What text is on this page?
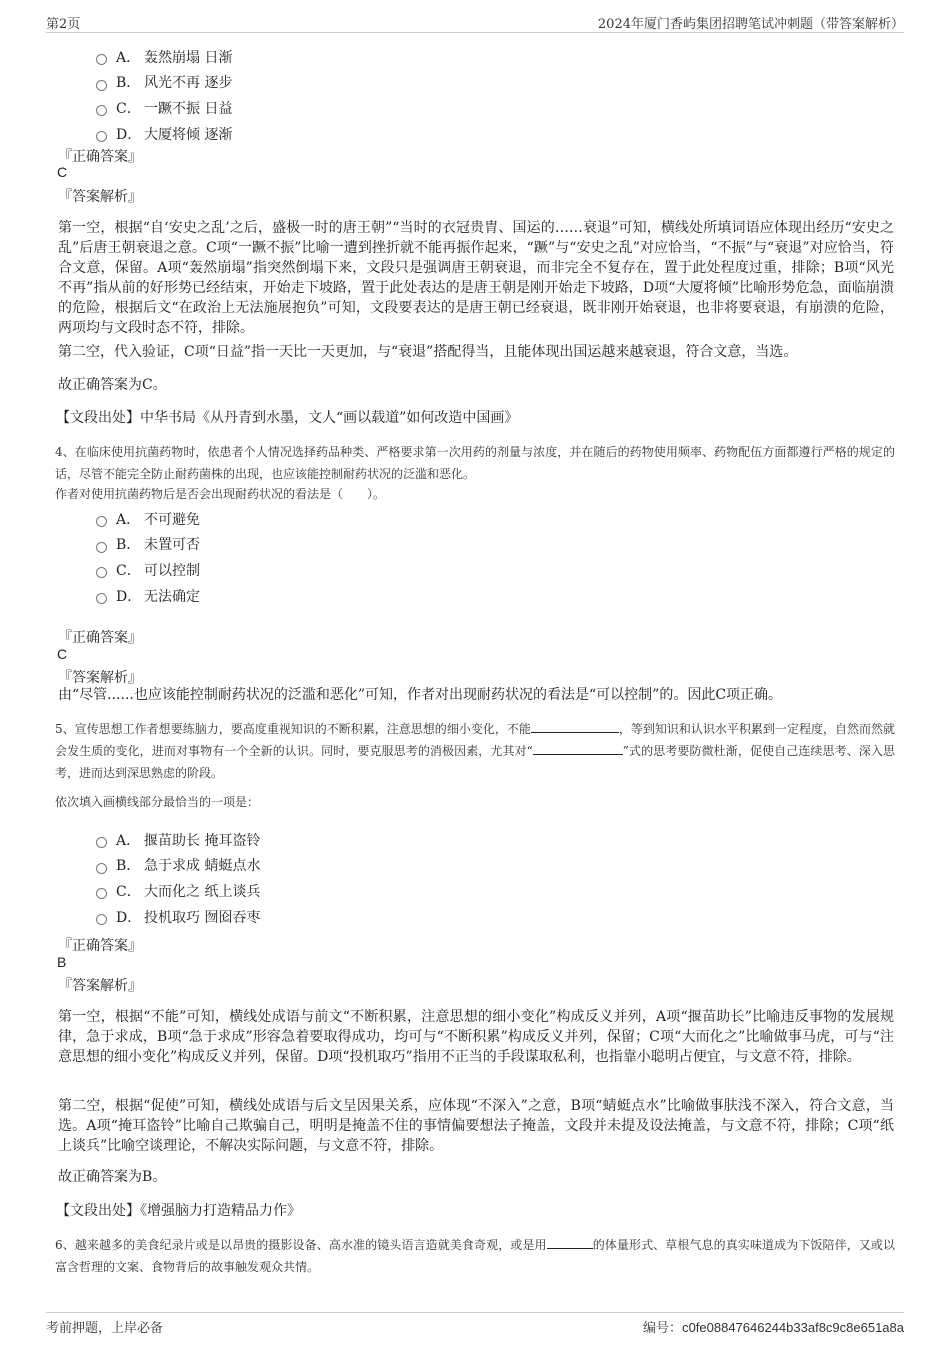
第2页	2024年厦门香屿集团招聘笔试冲刺题（带答案解析）
A． 轰然崩塌 日渐
B． 风光不再 逐步
C． 一蹶不振 日益
D． 大厦将倾 逐渐
『正确答案』
C
『答案解析』
第一空，根据“自‘安史之乱’之后，盛极一时的唐王朝”“当时的衣冠贵胄、国运的……衰退”可知，横线处所填词语应体现出经历“安史之乱”后唐王朝衰退之意。C项“一蹶不振”比喻一遭到挫折就不能再振作起来，“蹶”与“安史之乱”对应恰当，“不振”与“衰退”对应恰当，符合文意，保留。A项“轰然崩塌”指突然倒塌下来，文段只是强调唐王朝衰退，而非完全不复存在，置于此处程度过重，排除；B项“风光不再”指从前的好形势已经结束，开始走下坡路，置于此处表达的是唐王朝是刚开始走下坡路，D项“大厦将倾”比喻形势危急，面临崩溃的危险，根据后文“在政治上无法施展抱负”可知，文段要表达的是唐王朝已经衰退，既非刚开始衰退，也非将要衰退，有崩溃的危险，两项均与文段时态不符，排除。
第二空，代入验证，C项“日益”指一天比一天更加，与“衰退”搭配得当，且能体现出国运越来越衰退，符合文意，当选。
故正确答案为C。
【文段出处】中华书局《从丹青到水墨，文人“画以载道”如何改造中国画》
4、在临床使用抗菌药物时，依患者个人情况选择药品种类、严格要求第一次用药的剂量与浓度，并在随后的药物使用频率、药物配伍方面都遵行严格的规定的话，尽管不能完全防止耐药菌株的出现，也应该能控制耐药状况的泛滥和恶化。
作者对使用抗菌药物后是否会出现耐药状况的看法是（　　）。
A． 不可避免
B． 未置可否
C． 可以控制
D． 无法确定
『正确答案』
C
『答案解析』
由“尽管......也应该能控制耐药状况的泛滥和恶化”可知，作者对出现耐药状况的看法是“可以控制”的。因此C项正确。
5、宣传思想工作者想要练脑力，要高度重视知识的不断积累，注意思想的细小变化，不能	，等到知识和认识水平积累到一定程度，自然而然就会发生质的变化，进而对事物有一个全新的认识。同时，要克服思考的消极因素，尤其对“	”式的思考要防微杜渐，促使自己连续思考、深入思考，进而达到深思熟虑的阶段。
依次填入画横线部分最恰当的一项是：
A． 揠苗助长 掩耳盗铃
B． 急于求成 蜻蜓点水
C． 大而化之 纸上谈兵
D． 投机取巧 囫囵吞枣
『正确答案』
B
『答案解析』
第一空，根据“不能”可知，横线处成语与前文“不断积累，注意思想的细小变化”构成反义并列，A项“揠苗助长”比喻违反事物的发展规律，急于求成，B项“急于求成”形容急着要取得成功，均可与“不断积累”构成反义并列，保留；C项“大而化之”比喻做事马虎，可与“注意思想的细小变化”构成反义并列，保留。D项“投机取巧”指用不正当的手段谋取私利，也指靠小聪明占便宜，与文意不符，排除。
第二空，根据“促使”可知，横线处成语与后文呈因果关系，应体现“不深入”之意，B项“蜻蜓点水”比喻做事肤浅不深入，符合文意，当选。A项“掩耳盗铃”比喻自己欺骗自己，明明是掩盖不住的事情偏要想法子掩盖，文段并未提及设法掩盖，与文意不符，排除；C项“纸上谈兵”比喻空谈理论，不解决实际问题，与文意不符，排除。
故正确答案为B。
【文段出处】《增强脑力打造精品力作》
6、越来越多的美食纪录片或是以昂贵的摄影设备、高水准的镜头语言造就美食奇观，或是用	的体量形式、草根气息的真实味道成为下饭陪伴，又或以富含哲理的文案、食物背后的故事触发观众共情。
考前押题，上岸必备	编号：c0fe08847646244b33af8c9c8e651a8a
